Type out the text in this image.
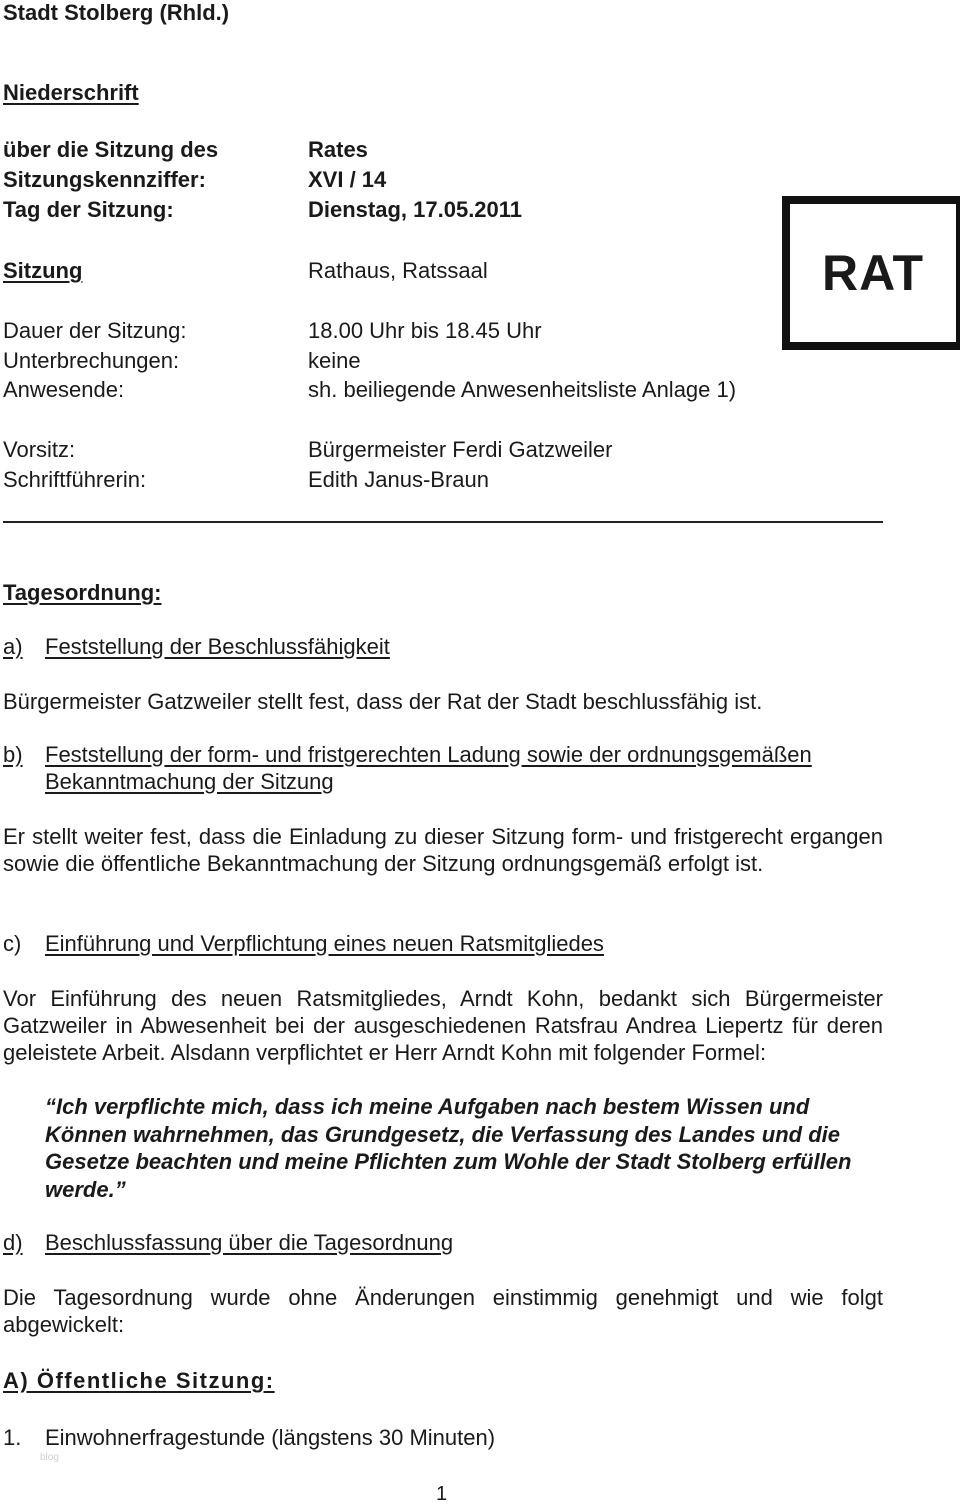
Stadt Stolberg (Rhld.)
Niederschrift
über die Sitzung des	Rates
Sitzungskennziffer:	XVI / 14
Tag der Sitzung:	Dienstag, 17.05.2011
Sitzung	Rathaus, Ratssaal
Dauer der Sitzung:	18.00 Uhr bis 18.45 Uhr
Unterbrechungen:	keine
Anwesende:	sh. beiliegende Anwesenheitsliste Anlage 1)
Vorsitz:	Bürgermeister Ferdi Gatzweiler
Schriftführerin:	Edith Janus-Braun
RAT
Tagesordnung:
a) Feststellung der Beschlussfähigkeit
Bürgermeister Gatzweiler stellt fest, dass der Rat der Stadt beschlussfähig ist.
b) Feststellung der form- und fristgerechten Ladung sowie der ordnungsgemäßen
Bekanntmachung der Sitzung
Er stellt weiter fest, dass die Einladung zu dieser Sitzung form- und fristgerecht ergangen sowie die öffentliche Bekanntmachung der Sitzung ordnungsgemäß erfolgt ist.
c) Einführung und Verpflichtung eines neuen Ratsmitgliedes
Vor Einführung des neuen Ratsmitgliedes, Arndt Kohn, bedankt sich Bürgermeister Gatzweiler in Abwesenheit bei der ausgeschiedenen Ratsfrau Andrea Liepertz für deren geleistete Arbeit. Alsdann verpflichtet er Herr Arndt Kohn mit folgender Formel:
“Ich verpflichte mich, dass ich meine Aufgaben nach bestem Wissen und Können wahrnehmen, das Grundgesetz, die Verfassung des Landes und die Gesetze beachten und meine Pflichten zum Wohle der Stadt Stolberg erfüllen werde.”
d) Beschlussfassung über die Tagesordnung
Die Tagesordnung wurde ohne Änderungen einstimmig genehmigt und wie folgt abgewickelt:
A) Öffentliche Sitzung:
1. Einwohnerfragestunde (längstens 30 Minuten)
blog
1
